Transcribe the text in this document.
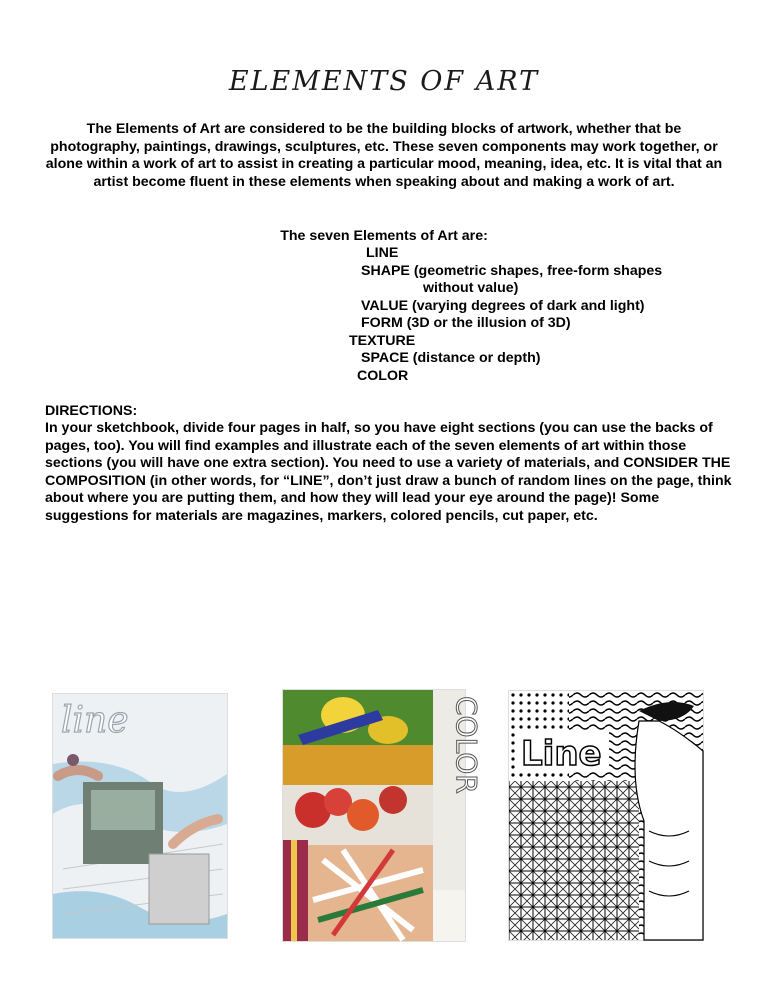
ELEMENTS OF ART
The Elements of Art are considered to be the building blocks of artwork, whether that be photography, paintings, drawings, sculptures, etc. These seven components may work together, or alone within a work of art to assist in creating a particular mood, meaning, idea, etc. It is vital that an artist become fluent in these elements when speaking about and making a work of art.
The seven Elements of Art are:
LINE
SHAPE (geometric shapes, free-form shapes
without value)
VALUE (varying degrees of dark and light)
FORM (3D or the illusion of 3D)
TEXTURE
SPACE (distance or depth)
COLOR
DIRECTIONS:
In your sketchbook, divide four pages in half, so you have eight sections (you can use the backs of pages, too). You will find examples and illustrate each of the seven elements of art within those sections (you will have one extra section). You need to use a variety of materials, and CONSIDER THE COMPOSITION (in other words, for “LINE”, don’t just draw a bunch of random lines on the page, think about where you are putting them, and how they will lead your eye around the page)! Some suggestions for materials are magazines, markers, colored pencils, cut paper, etc.
line	COLOR Line
